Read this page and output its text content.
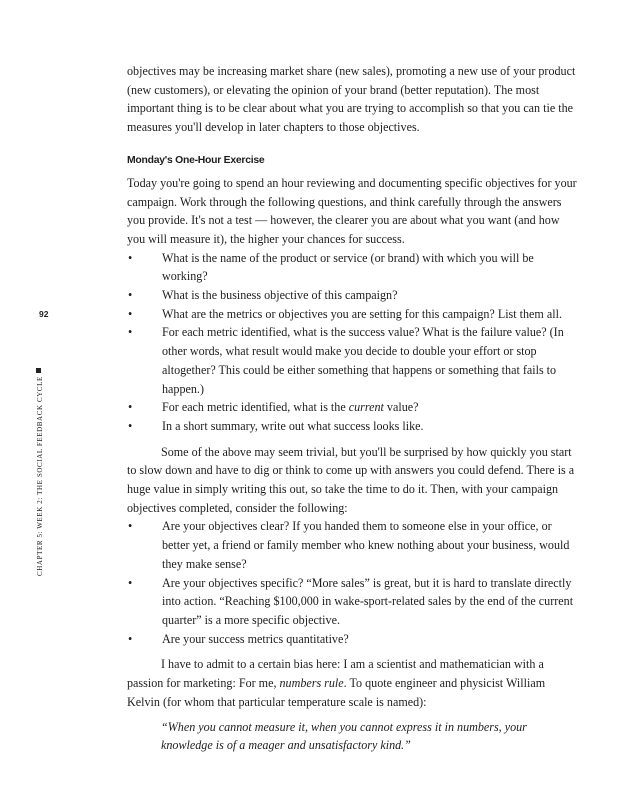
92
CHAPTER 5: WEEK 2: THE SOCIAL FEEDBACK CYCLE

objectives may be increasing market share (new sales), promoting a new use of your product (new customers), or elevating the opinion of your brand (better reputation). The most important thing is to be clear about what you are trying to accomplish so that you can tie the measures you'll develop in later chapters to those objectives.

Monday's One-Hour Exercise

Today you're going to spend an hour reviewing and documenting specific objectives for your campaign. Work through the following questions, and think carefully through the answers you provide. It's not a test — however, the clearer you are about what you want (and how you will measure it), the higher your chances for success.

• What is the name of the product or service (or brand) with which you will be working?
• What is the business objective of this campaign?
• What are the metrics or objectives you are setting for this campaign? List them all.
• For each metric identified, what is the success value? What is the failure value? (In other words, what result would make you decide to double your effort or stop altogether? This could be either something that happens or something that fails to happen.)
• For each metric identified, what is the current value?
• In a short summary, write out what success looks like.

Some of the above may seem trivial, but you'll be surprised by how quickly you start to slow down and have to dig or think to come up with answers you could defend. There is a huge value in simply writing this out, so take the time to do it. Then, with your campaign objectives completed, consider the following:

• Are your objectives clear? If you handed them to someone else in your office, or better yet, a friend or family member who knew nothing about your business, would they make sense?
• Are your objectives specific? “More sales” is great, but it is hard to translate directly into action. “Reaching $100,000 in wake-sport-related sales by the end of the current quarter” is a more specific objective.
• Are your success metrics quantitative?

I have to admit to a certain bias here: I am a scientist and mathematician with a passion for marketing: For me, numbers rule. To quote engineer and physicist William Kelvin (for whom that particular temperature scale is named):

“When you cannot measure it, when you cannot express it in numbers, your knowledge is of a meager and unsatisfactory kind.”
